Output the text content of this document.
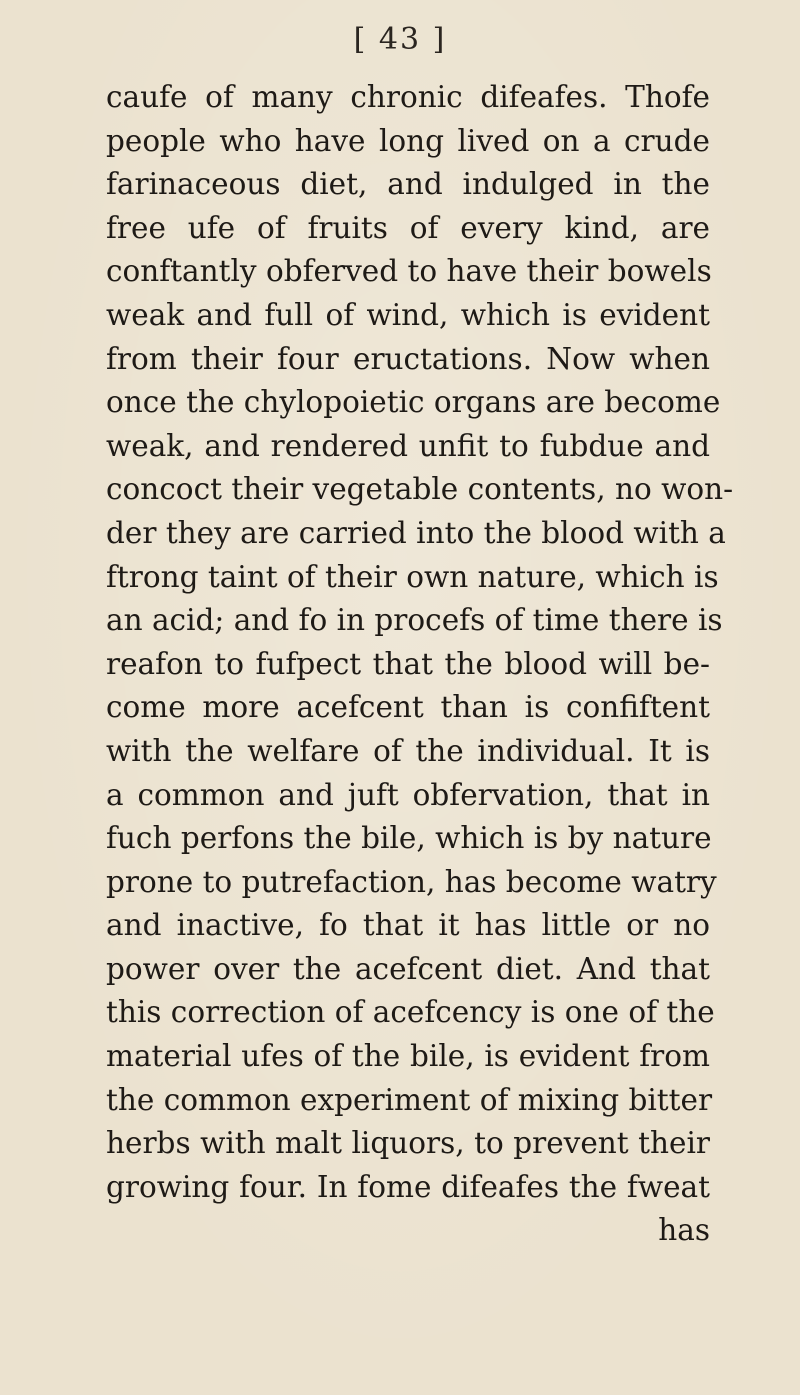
[ 43 ]
caufe of many chronic difeafes. Thofe
people who have long lived on a crude
farinaceous diet, and indulged in the
free ufe of fruits of every kind, are
conftantly obferved to have their bowels
weak and full of wind, which is evident
from their four eructations. Now when
once the chylopoietic organs are become
weak, and rendered unfit to fubdue and
concoct their vegetable contents, no won-
der they are carried into the blood with a
ftrong taint of their own nature, which is
an acid; and fo in procefs of time there is
reafon to fufpect that the blood will be-
come more acefcent than is confiftent
with the welfare of the individual. It is
a common and juft obfervation, that in
fuch perfons the bile, which is by nature
prone to putrefaction, has become watry
and inactive, fo that it has little or no
power over the acefcent diet. And that
this correction of acefcency is one of the
material ufes of the bile, is evident from
the common experiment of mixing bitter
herbs with malt liquors, to prevent their
growing four. In fome difeafes the fweat
has
